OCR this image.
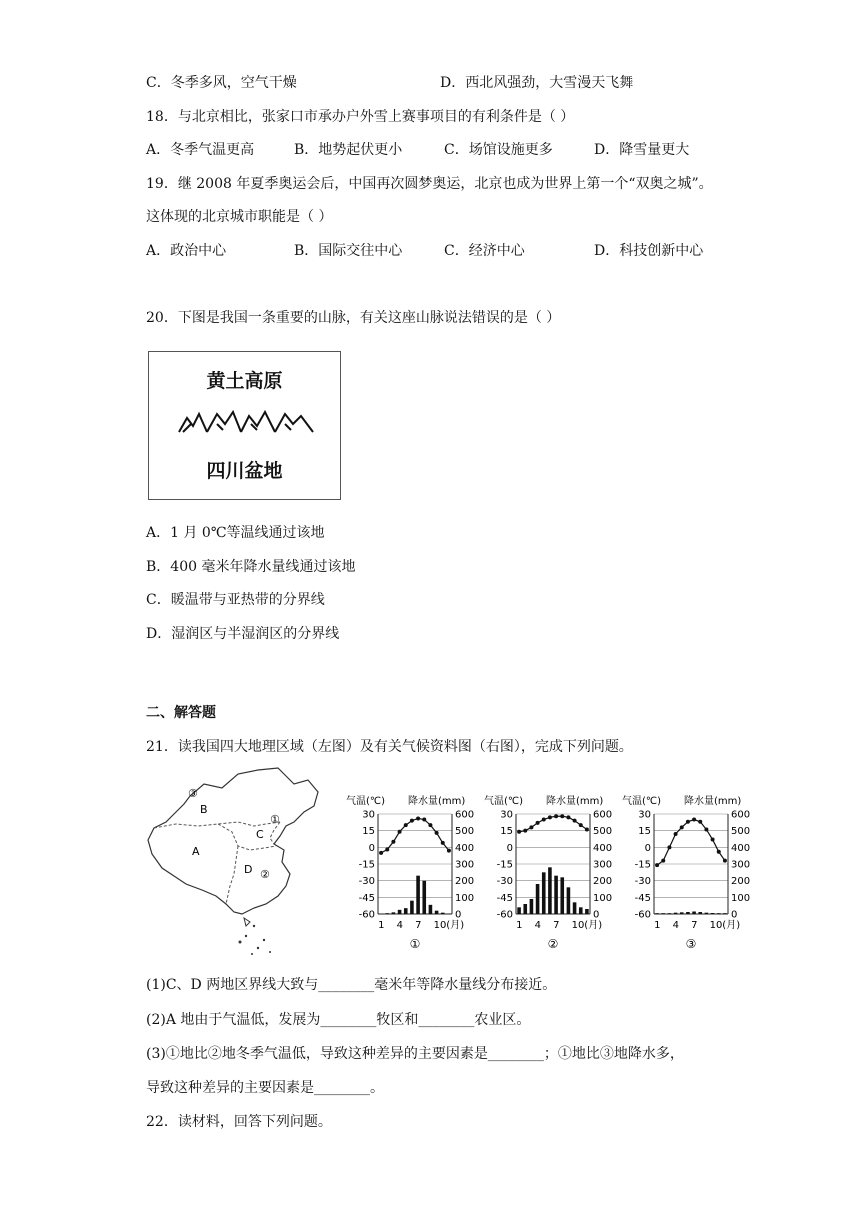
C．冬季多风，空气干燥	D．西北风强劲，大雪漫天飞舞
18．与北京相比，张家口市承办户外雪上赛事项目的有利条件是（ ）
A．冬季气温更高	B．地势起伏更小	C．场馆设施更多	D．降雪量更大
19．继 2008 年夏季奥运会后，中国再次圆梦奥运，北京也成为世界上第一个“双奥之城”。
这体现的北京城市职能是（ ）
A．政治中心	B．国际交往中心	C．经济中心	D．科技创新中心
20．下图是我国一条重要的山脉，有关这座山脉说法错误的是（ ）
黄土高原
四川盆地
A．1 月 0℃等温线通过该地
B．400 毫米年降水量线通过该地
C．暖温带与亚热带的分界线
D．湿润区与半湿润区的分界线
二、解答题
21．读我国四大地理区域（左图）及有关气候资料图（右图），完成下列问题。
③
B
①
C
A
D ②
气温(℃) 降水量(mm)
30
15
0
-15
-30
-45
-60
600
500
400
300
200
100
0
1 4 7 10(月)
①
气温(℃) 降水量(mm)
30
15
0
-15
-30
-45
-60
600
500
400
300
200
100
0
1 4 7 10(月)
②
气温(℃) 降水量(mm)
30
15
0
-15
-30
-45
-60
600
500
400
300
200
100
0
1 4 7 10(月)
③
(1)C、D 两地区界线大致与________毫米年等降水量线分布接近。
(2)A 地由于气温低，发展为________牧区和________农业区。
(3)①地比②地冬季气温低，导致这种差异的主要因素是________；①地比③地降水多，
导致这种差异的主要因素是________。
22．读材料，回答下列问题。
